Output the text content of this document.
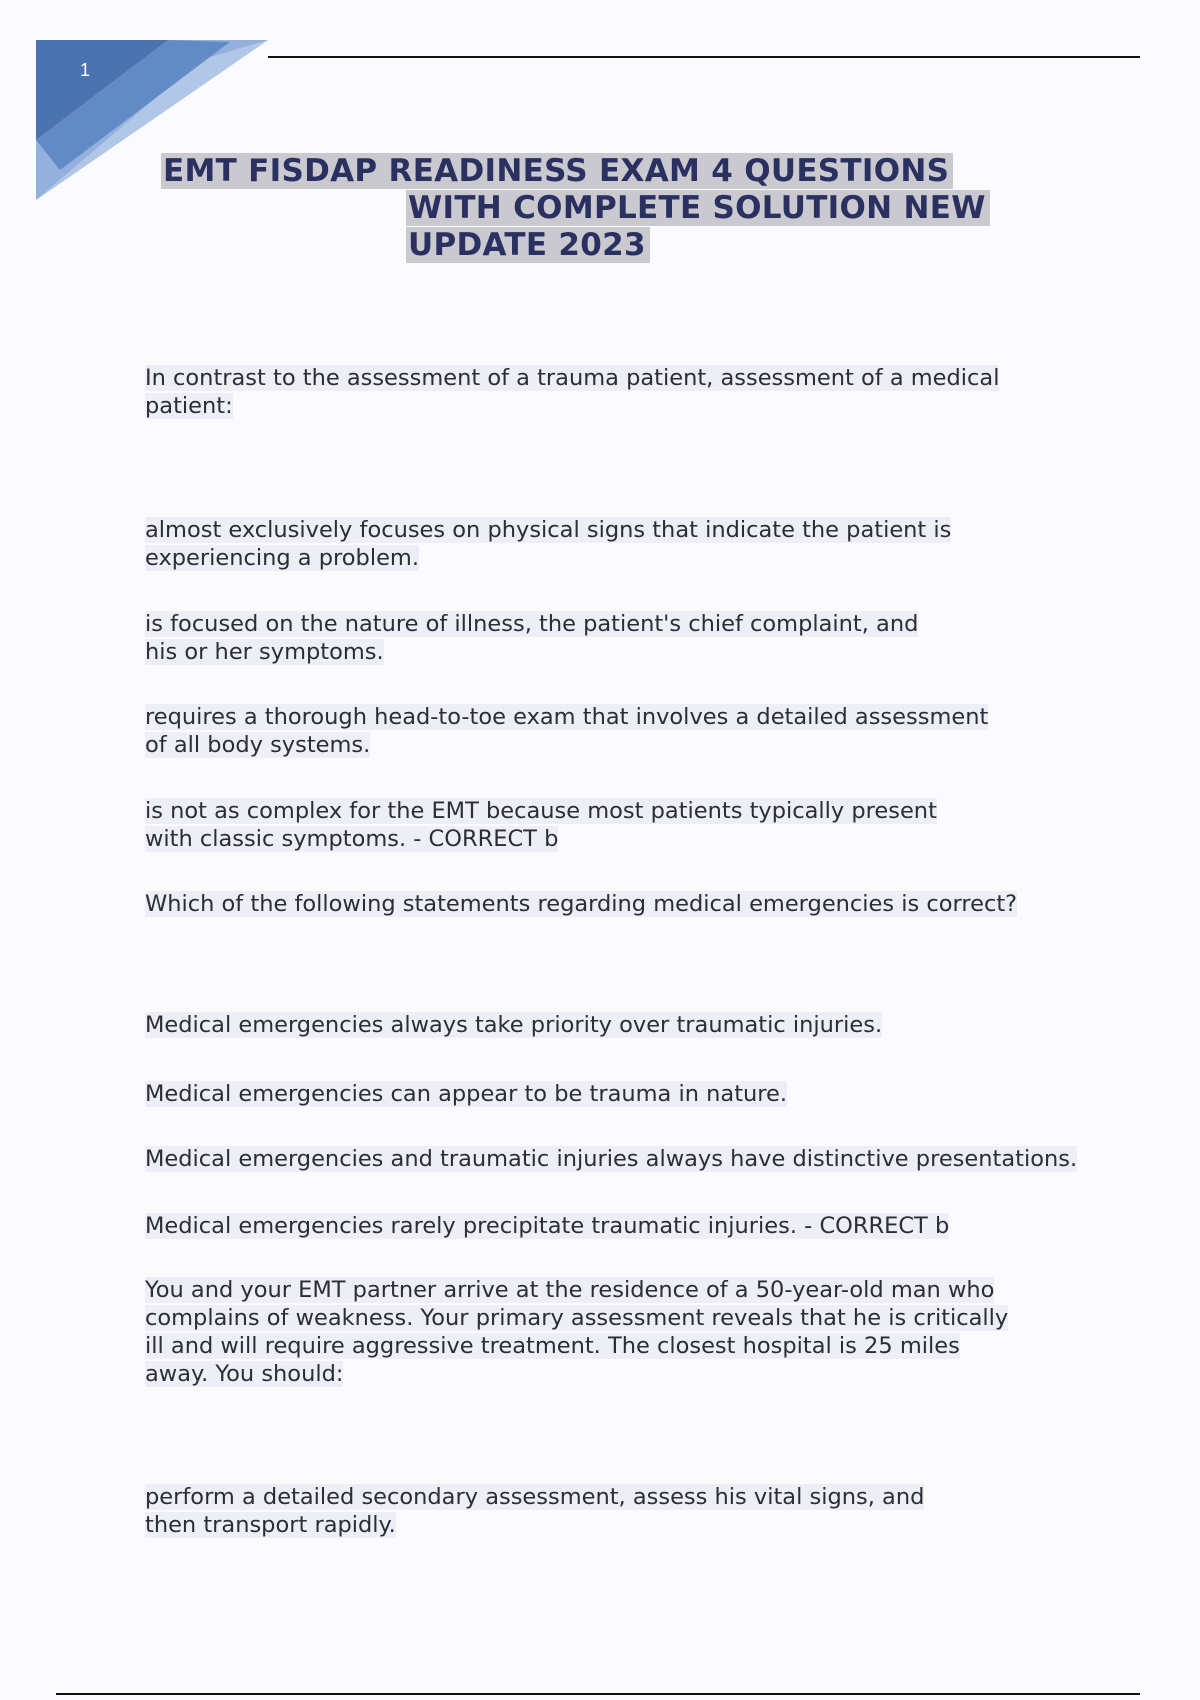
1
EMT FISDAP READINESS EXAM 4 QUESTIONS
WITH COMPLETE SOLUTION NEW
UPDATE 2023

In contrast to the assessment of a trauma patient, assessment of a medical
patient:

almost exclusively focuses on physical signs that indicate the patient is
experiencing a problem.

is focused on the nature of illness, the patient's chief complaint, and
his or her symptoms.

requires a thorough head-to-toe exam that involves a detailed assessment
of all body systems.

is not as complex for the EMT because most patients typically present
with classic symptoms. - CORRECT b

Which of the following statements regarding medical emergencies is correct?

Medical emergencies always take priority over traumatic injuries.

Medical emergencies can appear to be trauma in nature.

Medical emergencies and traumatic injuries always have distinctive presentations.

Medical emergencies rarely precipitate traumatic injuries. - CORRECT b

You and your EMT partner arrive at the residence of a 50-year-old man who
complains of weakness. Your primary assessment reveals that he is critically
ill and will require aggressive treatment. The closest hospital is 25 miles
away. You should:

perform a detailed secondary assessment, assess his vital signs, and
then transport rapidly.
